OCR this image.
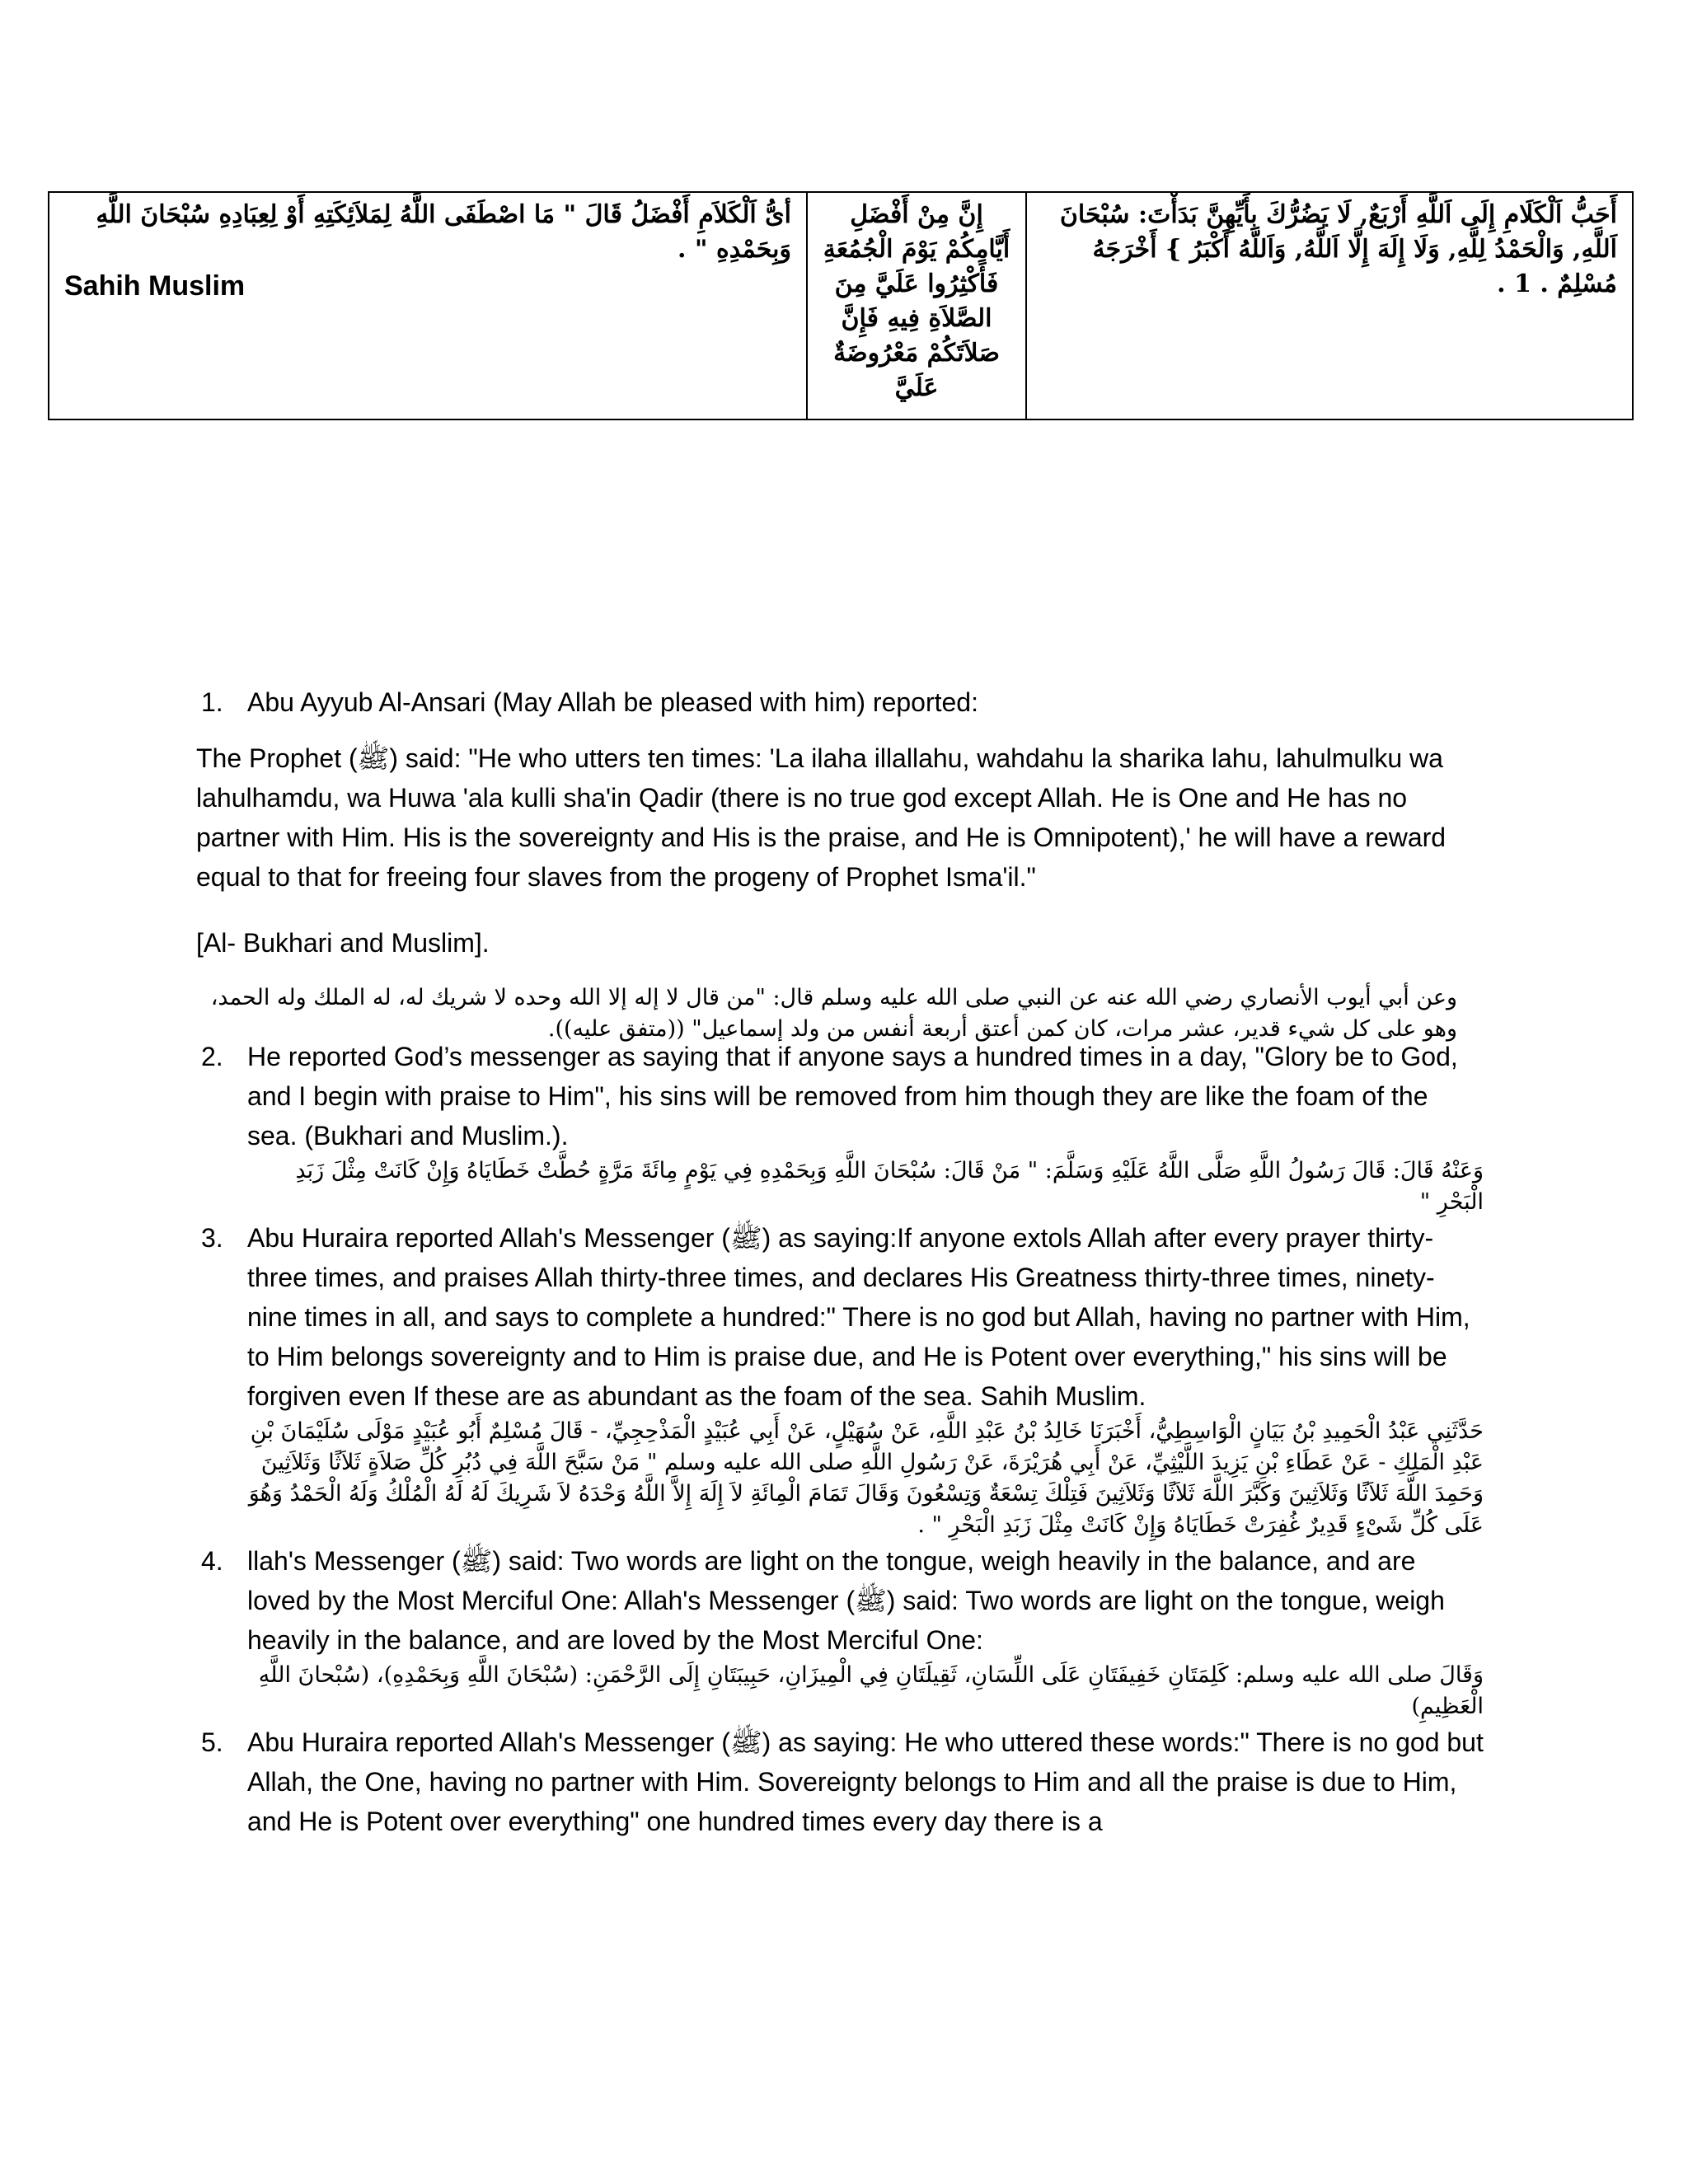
أىُّ اَلْكَلاَمِ أَفْضَلُ قَالَ " مَا اصْطَفَى اللَّهُ لِمَلاَئِكَتِهِ أَوْ لِعِبَادِهِ سُبْحَانَ اللَّهِ وَبِحَمْدِهِ " .
Sahih Muslim
إِنَّ مِنْ أَفْضَلِ أَيَّامِكُمْ يَوْمَ الْجُمُعَةِ فَأَكْثِرُوا عَلَيَّ مِنَ الصَّلاَةِ فِيهِ فَإِنَّ صَلاَتَكُمْ مَعْرُوضَةٌ عَلَيَّ
أَحَبُّ اَلْكَلَامِ إِلَى اَللَّهِ أَرْبَعٌ, لَا يَضُرُّكَ بِأَيِّهِنَّ بَدَأْتَ: سُبْحَانَ اَللَّهِ, وَالْحَمْدُ لِلَّهِ, وَلَا إِلَهَ إِلَّا اَللَّهُ, وَاَللَّهُ أَكْبَرُ } أَخْرَجَهُ مُسْلِمٌ . 1 .
1. Abu Ayyub Al-Ansari (May Allah be pleased with him) reported:
The Prophet (ﷺ) said: "He who utters ten times: 'La ilaha illallahu, wahdahu la sharika lahu, lahulmulku wa lahulhamdu, wa Huwa 'ala kulli sha'in Qadir (there is no true god except Allah. He is One and He has no partner with Him. His is the sovereignty and His is the praise, and He is Omnipotent),' he will have a reward equal to that for freeing four slaves from the progeny of Prophet Isma'il."
[Al- Bukhari and Muslim].
وعن أبي أيوب الأنصاري رضي الله عنه عن النبي صلى الله عليه وسلم قال: "من قال لا إله إلا الله وحده لا شريك له، له الملك وله الحمد، وهو على كل شيء قدير، عشر مرات، كان كمن أعتق أربعة أنفس من ولد إسماعيل" ((متفق عليه)).
2. He reported God’s messenger as saying that if anyone says a hundred times in a day, "Glory be to God, and I begin with praise to Him", his sins will be removed from him though they are like the foam of the sea. (Bukhari and Muslim.).
وَعَنْهُ قَالَ: قَالَ رَسُولُ اللَّهِ صَلَّى اللَّهُ عَلَيْهِ وَسَلَّمَ: " مَنْ قَالَ: سُبْحَانَ اللَّهِ وَبِحَمْدِهِ فِي يَوْمٍ مِائَةَ مَرَّةٍ حُطَّتْ خَطَايَاهُ وَإِنْ كَانَتْ مِثْلَ زَبَدِ الْبَحْرِ "
3. Abu Huraira reported Allah's Messenger (ﷺ) as saying:If anyone extols Allah after every prayer thirty-three times, and praises Allah thirty-three times, and declares His Greatness thirty-three times, ninety-nine times in all, and says to complete a hundred:" There is no god but Allah, having no partner with Him, to Him belongs sovereignty and to Him is praise due, and He is Potent over everything," his sins will be forgiven even If these are as abundant as the foam of the sea. Sahih Muslim.
حَدَّثَنِي عَبْدُ الْحَمِيدِ بْنُ بَيَانٍ الْوَاسِطِيُّ، أَخْبَرَنَا خَالِدُ بْنُ عَبْدِ اللَّهِ، عَنْ سُهَيْلٍ، عَنْ أَبِي عُبَيْدٍ الْمَذْحِجِيِّ، - قَالَ مُسْلِمٌ أَبُو عُبَيْدٍ مَوْلَى سُلَيْمَانَ بْنِ عَبْدِ الْمَلِكِ - عَنْ عَطَاءِ بْنِ يَزِيدَ اللَّيْثِيِّ، عَنْ أَبِي هُرَيْرَةَ، عَنْ رَسُولِ اللَّهِ صلى الله عليه وسلم " مَنْ سَبَّحَ اللَّهَ فِي دُبُرِ كُلِّ صَلاَةٍ ثَلاَثًا وَثَلاَثِينَ وَحَمِدَ اللَّهَ ثَلاَثًا وَثَلاَثِينَ وَكَبَّرَ اللَّهَ ثَلاَثًا وَثَلاَثِينَ فَتِلْكَ تِسْعَةٌ وَتِسْعُونَ وَقَالَ تَمَامَ الْمِائَةِ لاَ إِلَهَ إِلاَّ اللَّهُ وَحْدَهُ لاَ شَرِيكَ لَهُ لَهُ الْمُلْكُ وَلَهُ الْحَمْدُ وَهُوَ عَلَى كُلِّ شَىْءٍ قَدِيرٌ غُفِرَتْ خَطَايَاهُ وَإِنْ كَانَتْ مِثْلَ زَبَدِ الْبَحْرِ " .
4. llah's Messenger (ﷺ) said: Two words are light on the tongue, weigh heavily in the balance, and are loved by the Most Merciful One: Allah's Messenger (ﷺ) said: Two words are light on the tongue, weigh heavily in the balance, and are loved by the Most Merciful One:
وَقَالَ صلى الله عليه وسلم: كَلِمَتَانِ خَفِيفَتَانِ عَلَى اللِّسَانِ، ثَقِيلَتَانِ فِي الْمِيزَانِ، حَبِيبَتَانِ إِلَى الرَّحْمَنِ: (سُبْحَانَ اللَّهِ وَبِحَمْدِهِ)، (سُبْحانَ اللَّهِ الْعَظِيمِ)
5. Abu Huraira reported Allah's Messenger (ﷺ) as saying: He who uttered these words:" There is no god but Allah, the One, having no partner with Him. Sovereignty belongs to Him and all the praise is due to Him, and He is Potent over everything" one hundred times every day there is a
